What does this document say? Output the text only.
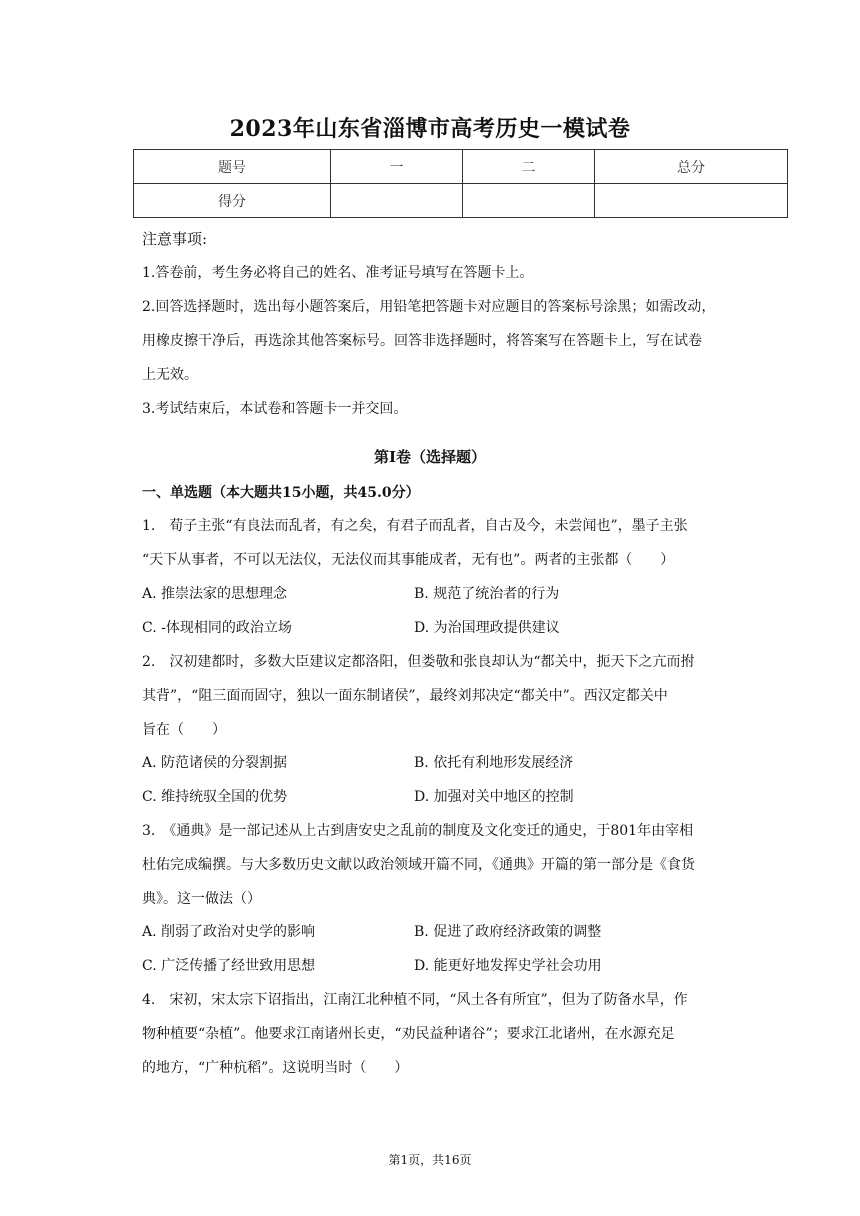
2023年山东省淄博市高考历史一模试卷
题号	一	二	总分
得分			
注意事项:
1.答卷前，考生务必将自己的姓名、准考证号填写在答题卡上。
2.回答选择题时，选出每小题答案后，用铅笔把答题卡对应题目的答案标号涂黑；如需改动，
用橡皮擦干净后，再选涂其他答案标号。回答非选择题时，将答案写在答题卡上，写在试卷
上无效。
3.考试结束后，本试卷和答题卡一并交回。
第I卷（选择题）
一、单选题（本大题共15小题，共45.0分）
1.　荀子主张“有良法而乱者，有之矣，有君子而乱者，自古及今，未尝闻也”，墨子主张
“天下从事者，不可以无法仪，无法仪而其事能成者，无有也”。两者的主张都（　　）
A. 推崇法家的思想理念	B. 规范了统治者的行为
C. -体现相同的政治立场	D. 为治国理政提供建议
2.　汉初建都时，多数大臣建议定都洛阳，但娄敬和张良却认为“都关中，扼天下之亢而拊
其背”，“阻三面而固守，独以一面东制诸侯”，最终刘邦决定“都关中”。西汉定都关中
旨在（　　）
A. 防范诸侯的分裂割据	B. 依托有利地形发展经济
C. 维持统驭全国的优势	D. 加强对关中地区的控制
3.　《通典》是一部记述从上古到唐安史之乱前的制度及文化变迁的通史，于801年由宰相
杜佑完成编撰。与大多数历史文献以政治领域开篇不同，《通典》开篇的第一部分是《食货
典》。这一做法（）
A. 削弱了政治对史学的影响	B. 促进了政府经济政策的调整
C. 广泛传播了经世致用思想	D. 能更好地发挥史学社会功用
4.　宋初，宋太宗下诏指出，江南江北种植不同，“风土各有所宜”，但为了防备水旱，作
物种植要“杂植”。他要求江南诸州长吏，“劝民益种诸谷”；要求江北诸州，在水源充足
的地方，“广种杭稻”。这说明当时（　　）
第1页，共16页
